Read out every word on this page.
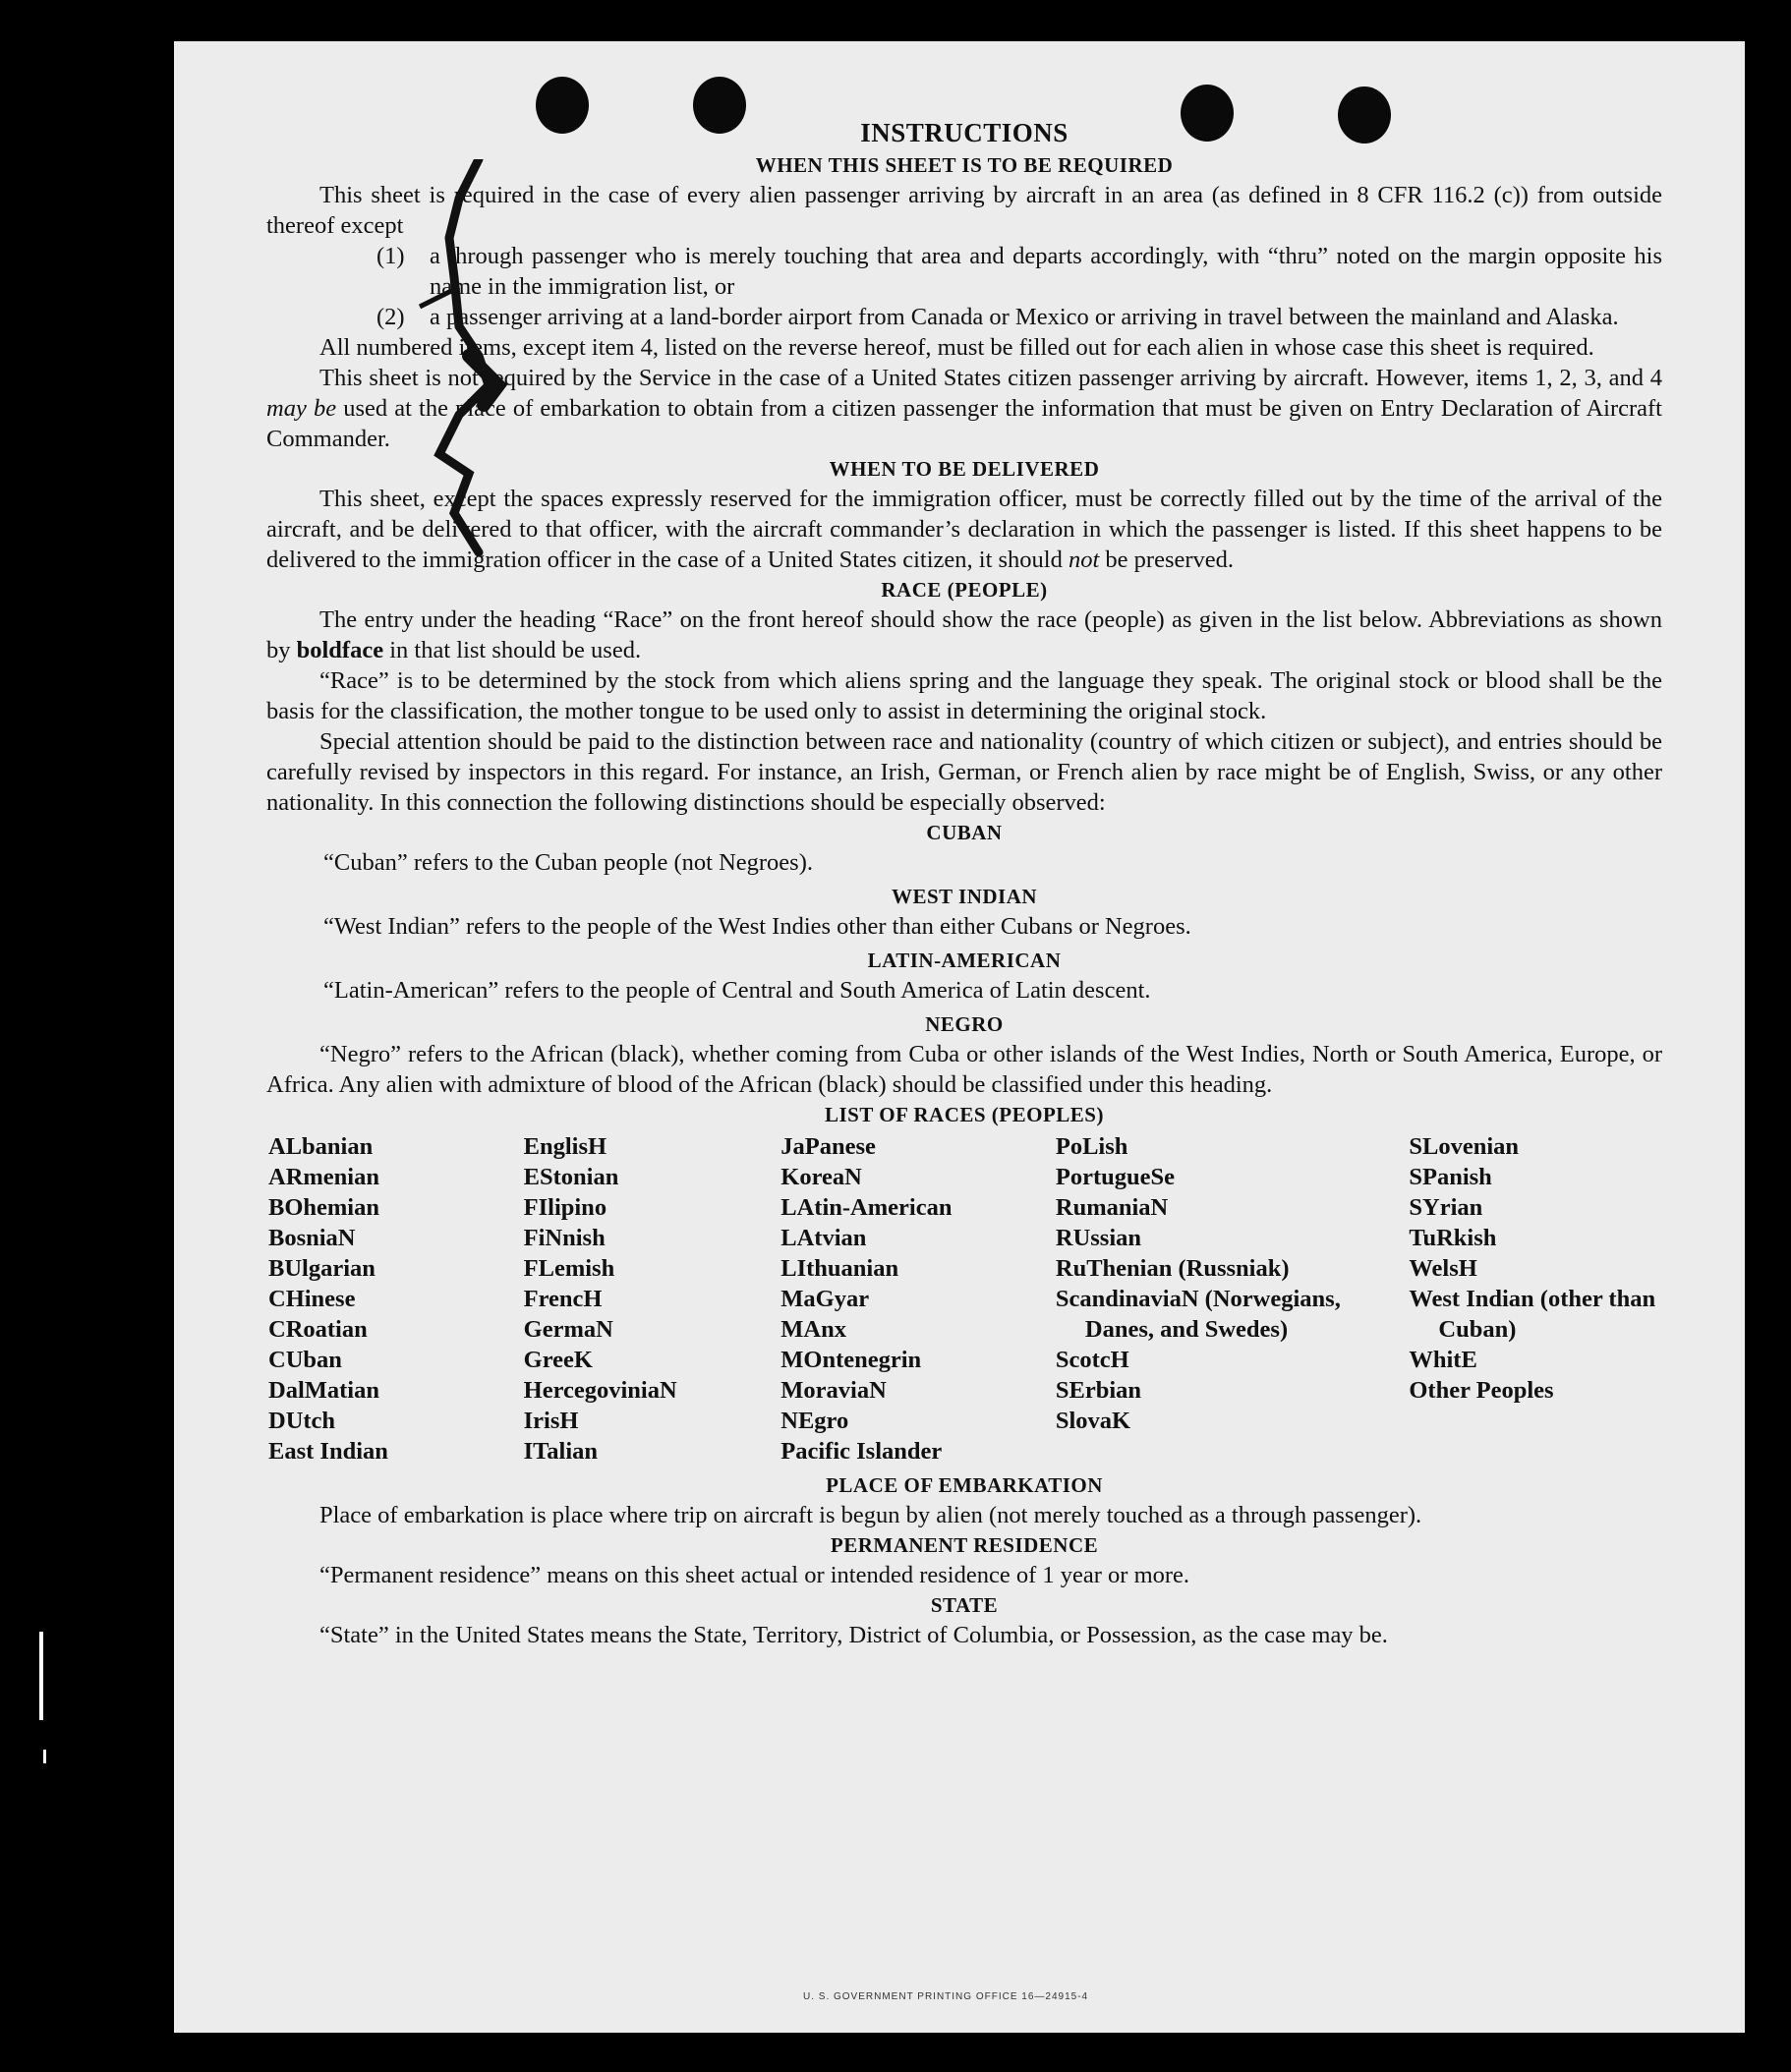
INSTRUCTIONS

WHEN THIS SHEET IS TO BE REQUIRED

This sheet is required in the case of every alien passenger arriving by aircraft in an area (as defined in 8 CFR 116.2 (c)) from outside thereof except

(1) a through passenger who is merely touching that area and departs accordingly, with “thru” noted on the margin opposite his name in the immigration list, or

(2) a passenger arriving at a land-border airport from Canada or Mexico or arriving in travel between the mainland and Alaska.

All numbered items, except item 4, listed on the reverse hereof, must be filled out for each alien in whose case this sheet is required.

This sheet is not required by the Service in the case of a United States citizen passenger arriving by aircraft. However, items 1, 2, 3, and 4 may be used at the place of embarkation to obtain from a citizen passenger the information that must be given on Entry Declaration of Aircraft Commander.

WHEN TO BE DELIVERED

This sheet, except the spaces expressly reserved for the immigration officer, must be correctly filled out by the time of the arrival of the aircraft, and be delivered to that officer, with the aircraft commander’s declaration in which the passenger is listed. If this sheet happens to be delivered to the immigration officer in the case of a United States citizen, it should not be preserved.

RACE (PEOPLE)

The entry under the heading “Race” on the front hereof should show the race (people) as given in the list below. Abbreviations as shown by boldface in that list should be used.

“Race” is to be determined by the stock from which aliens spring and the language they speak. The original stock or blood shall be the basis for the classification, the mother tongue to be used only to assist in determining the original stock.

Special attention should be paid to the distinction between race and nationality (country of which citizen or subject), and entries should be carefully revised by inspectors in this regard. For instance, an Irish, German, or French alien by race might be of English, Swiss, or any other nationality. In this connection the following distinctions should be especially observed:

CUBAN

“Cuban” refers to the Cuban people (not Negroes).

WEST INDIAN

“West Indian” refers to the people of the West Indies other than either Cubans or Negroes.

LATIN-AMERICAN

“Latin-American” refers to the people of Central and South America of Latin descent.

NEGRO

“Negro” refers to the African (black), whether coming from Cuba or other islands of the West Indies, North or South America, Europe, or Africa. Any alien with admixture of blood of the African (black) should be classified under this heading.

LIST OF RACES (PEOPLES)

ALbanian
ARmenian
BOhemian
BosniaN
BUlgarian
CHinese
CRoatian
CUban
DalMatian
DUtch
East Indian
EnglisH
EStonian
FIlipino
FiNnish
FLemish
FrencH
GermaN
GreeK
HercegoviniaN
IrisH
ITalian
JaPanese
KoreaN
LAtin-American
LAtvian
LIthuanian
MaGyar
MAnx
MOntenegrin
MoraviaN
NEgro
Pacific Islander
PoLish
PortugueSe
RumaniaN
RUssian
RuThenian (Russniak)
ScandinaviaN (Norwegians, Danes, and Swedes)
ScotcH
SErbian
SlovaK
SLovenian
SPanish
SYrian
TuRkish
WelsH
West Indian (other than Cuban)
WhitE
Other Peoples

PLACE OF EMBARKATION

Place of embarkation is place where trip on aircraft is begun by alien (not merely touched as a through passenger).

PERMANENT RESIDENCE

“Permanent residence” means on this sheet actual or intended residence of 1 year or more.

STATE

“State” in the United States means the State, Territory, District of Columbia, or Possession, as the case may be.

U. S. GOVERNMENT PRINTING OFFICE 16—24915-4
